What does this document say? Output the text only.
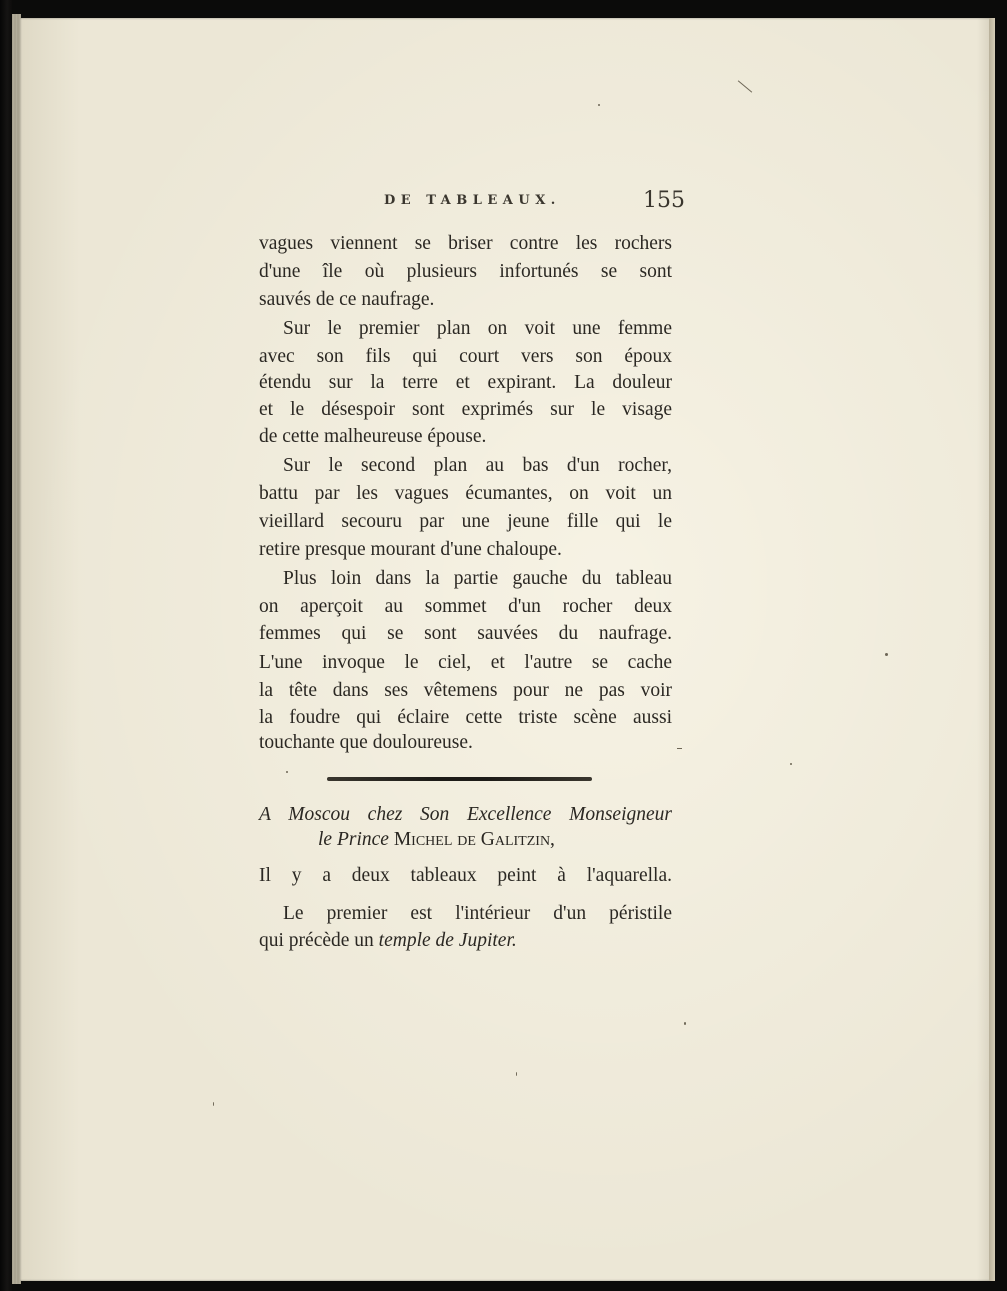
DE TABLEAUX.	155
vagues viennent se briser contre les rochers
d'une île où plusieurs infortunés se sont
sauvés de ce naufrage.
Sur le premier plan on voit une femme
avec son fils qui court vers son époux
étendu sur la terre et expirant. La douleur
et le désespoir sont exprimés sur le visage
de cette malheureuse épouse.
Sur le second plan au bas d'un rocher,
battu par les vagues écumantes, on voit un
vieillard secouru par une jeune fille qui le
retire presque mourant d'une chaloupe.
Plus loin dans la partie gauche du tableau
on aperçoit au sommet d'un rocher deux
femmes qui se sont sauvées du naufrage.
L'une invoque le ciel, et l'autre se cache
la tête dans ses vêtemens pour ne pas voir
la foudre qui éclaire cette triste scène aussi
touchante que douloureuse.
A Moscou chez Son Excellence Monseigneur
le Prince Michel de Galitzin,
Il y a deux tableaux peint à l'aquarella.
Le premier est l'intérieur d'un péristile
qui précède un temple de Jupiter.
